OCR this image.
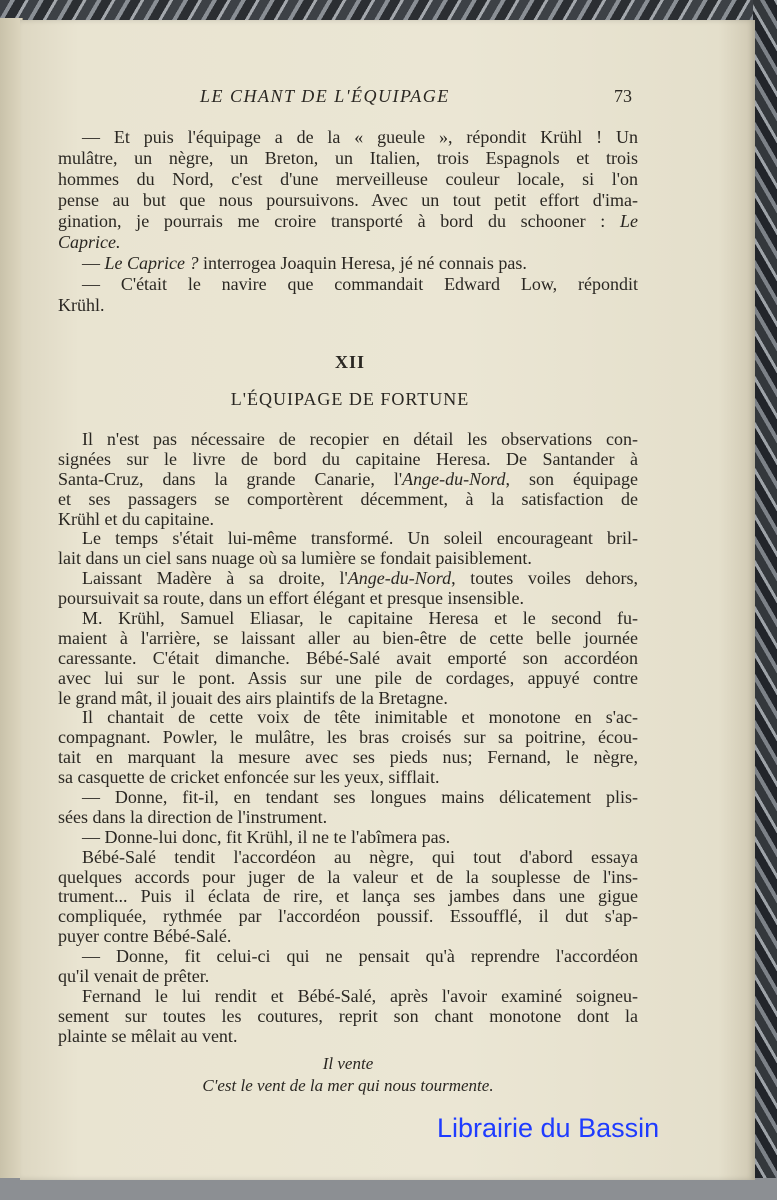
LE CHANT DE L'ÉQUIPAGE	73
— Et puis l'équipage a de la « gueule », répondit Krühl ! Un
mulâtre, un nègre, un Breton, un Italien, trois Espagnols et trois
hommes du Nord, c'est d'une merveilleuse couleur locale, si l'on
pense au but que nous poursuivons. Avec un tout petit effort d'ima-
gination, je pourrais me croire transporté à bord du schooner : Le
Caprice.
— Le Caprice ? interrogea Joaquin Heresa, jé né connais pas.
— C'était le navire que commandait Edward Low, répondit
Krühl.
XII
L'ÉQUIPAGE DE FORTUNE
Il n'est pas nécessaire de recopier en détail les observations con-
signées sur le livre de bord du capitaine Heresa. De Santander à
Santa-Cruz, dans la grande Canarie, l'Ange-du-Nord, son équipage
et ses passagers se comportèrent décemment, à la satisfaction de
Krühl et du capitaine.
Le temps s'était lui-même transformé. Un soleil encourageant bril-
lait dans un ciel sans nuage où sa lumière se fondait paisiblement.
Laissant Madère à sa droite, l'Ange-du-Nord, toutes voiles dehors,
poursuivait sa route, dans un effort élégant et presque insensible.
M. Krühl, Samuel Eliasar, le capitaine Heresa et le second fu-
maient à l'arrière, se laissant aller au bien-être de cette belle journée
caressante. C'était dimanche. Bébé-Salé avait emporté son accordéon
avec lui sur le pont. Assis sur une pile de cordages, appuyé contre
le grand mât, il jouait des airs plaintifs de la Bretagne.
Il chantait de cette voix de tête inimitable et monotone en s'ac-
compagnant. Powler, le mulâtre, les bras croisés sur sa poitrine, écou-
tait en marquant la mesure avec ses pieds nus; Fernand, le nègre,
sa casquette de cricket enfoncée sur les yeux, sifflait.
— Donne, fit-il, en tendant ses longues mains délicatement plis-
sées dans la direction de l'instrument.
— Donne-lui donc, fit Krühl, il ne te l'abîmera pas.
Bébé-Salé tendit l'accordéon au nègre, qui tout d'abord essaya
quelques accords pour juger de la valeur et de la souplesse de l'ins-
trument... Puis il éclata de rire, et lança ses jambes dans une gigue
compliquée, rythmée par l'accordéon poussif. Essoufflé, il dut s'ap-
puyer contre Bébé-Salé.
— Donne, fit celui-ci qui ne pensait qu'à reprendre l'accordéon
qu'il venait de prêter.
Fernand le lui rendit et Bébé-Salé, après l'avoir examiné soigneu-
sement sur toutes les coutures, reprit son chant monotone dont la
plainte se mêlait au vent.
Il vente
C'est le vent de la mer qui nous tourmente.
Librairie du Bassin
